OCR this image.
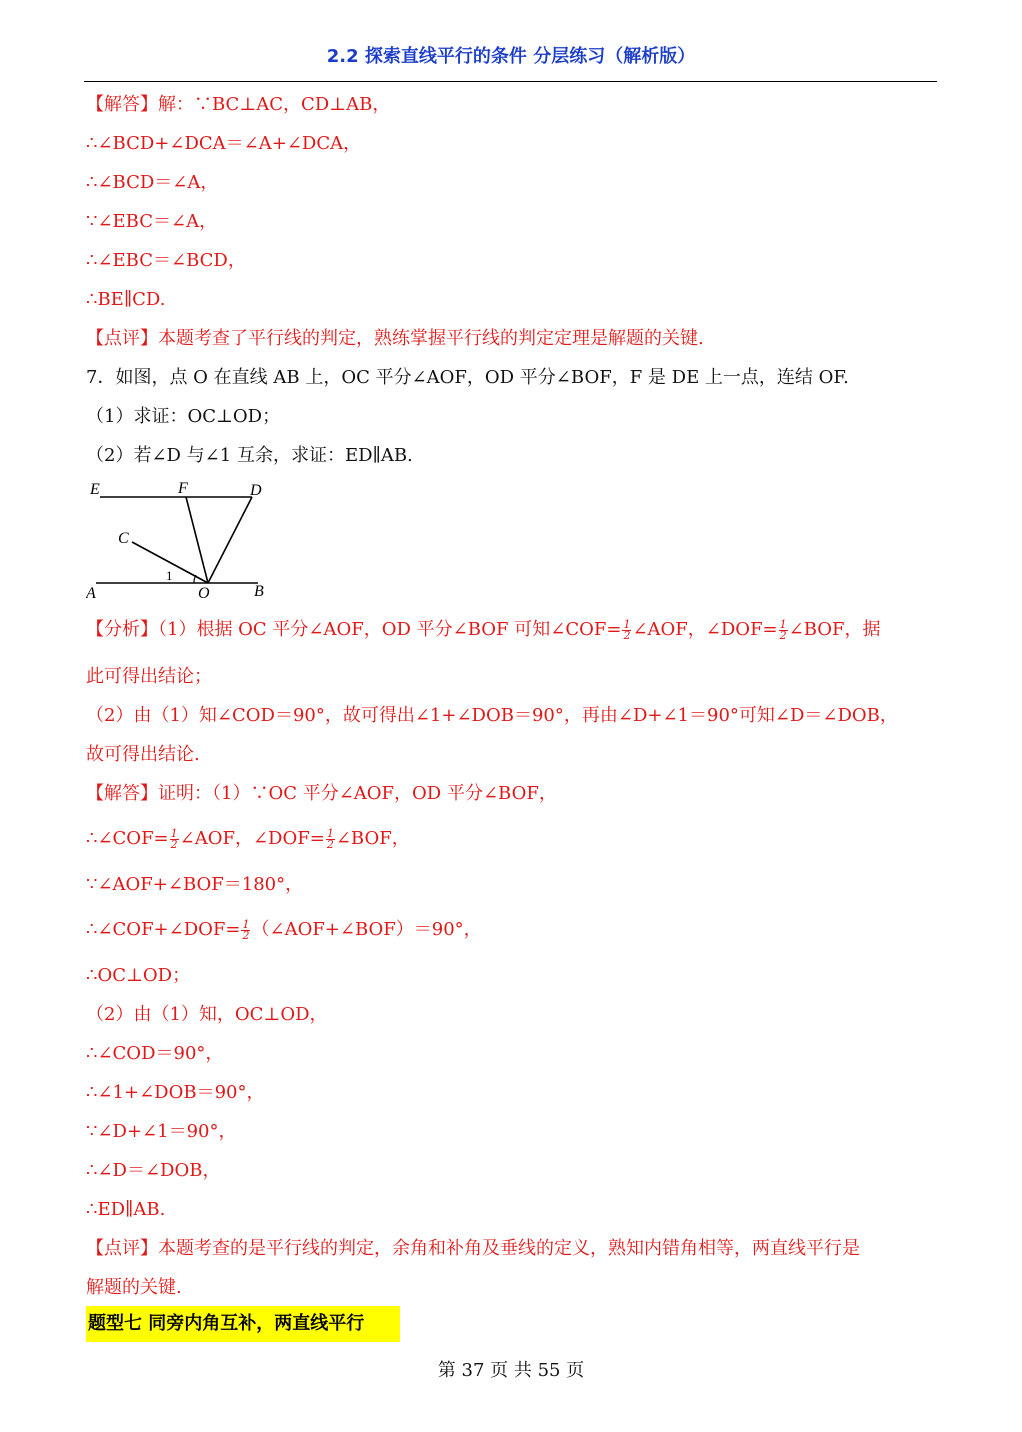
2.2 探索直线平行的条件 分层练习（解析版）
【解答】解：∵BC⊥AC，CD⊥AB，
∴∠BCD+∠DCA＝∠A+∠DCA，
∴∠BCD＝∠A，
∵∠EBC＝∠A，
∴∠EBC＝∠BCD，
∴BE∥CD.
【点评】本题考查了平行线的判定，熟练掌握平行线的判定定理是解题的关键.
7．如图，点 O 在直线 AB 上，OC 平分∠AOF，OD 平分∠BOF，F 是 DE 上一点，连结 OF.
（1）求证：OC⊥OD；
（2）若∠D 与∠1 互余，求证：ED∥AB.
E	F	D
C
A	O	B
1
【分析】（1）根据 OC 平分∠AOF，OD 平分∠BOF 可知∠COF= $\frac{1}{2}$ ∠AOF，∠DOF= $\frac{1}{2}$ ∠BOF，据
此可得出结论；
（2）由（1）知∠COD＝90°，故可得出∠1+∠DOB＝90°，再由∠D+∠1＝90°可知∠D＝∠DOB，
故可得出结论.
【解答】证明：（1）∵OC 平分∠AOF，OD 平分∠BOF，
∴∠COF= $\frac{1}{2}$ ∠AOF，∠DOF= $\frac{1}{2}$ ∠BOF，
∵∠AOF+∠BOF＝180°，
∴∠COF+∠DOF= $\frac{1}{2}$ （∠AOF+∠BOF）＝90°，
∴OC⊥OD；
（2）由（1）知，OC⊥OD，
∴∠COD＝90°，
∴∠1+∠DOB＝90°，
∵∠D+∠1＝90°，
∴∠D＝∠DOB，
∴ED∥AB.
【点评】本题考查的是平行线的判定，余角和补角及垂线的定义，熟知内错角相等，两直线平行是
解题的关键.
题型七 同旁内角互补，两直线平行
第 37 页 共 55 页
